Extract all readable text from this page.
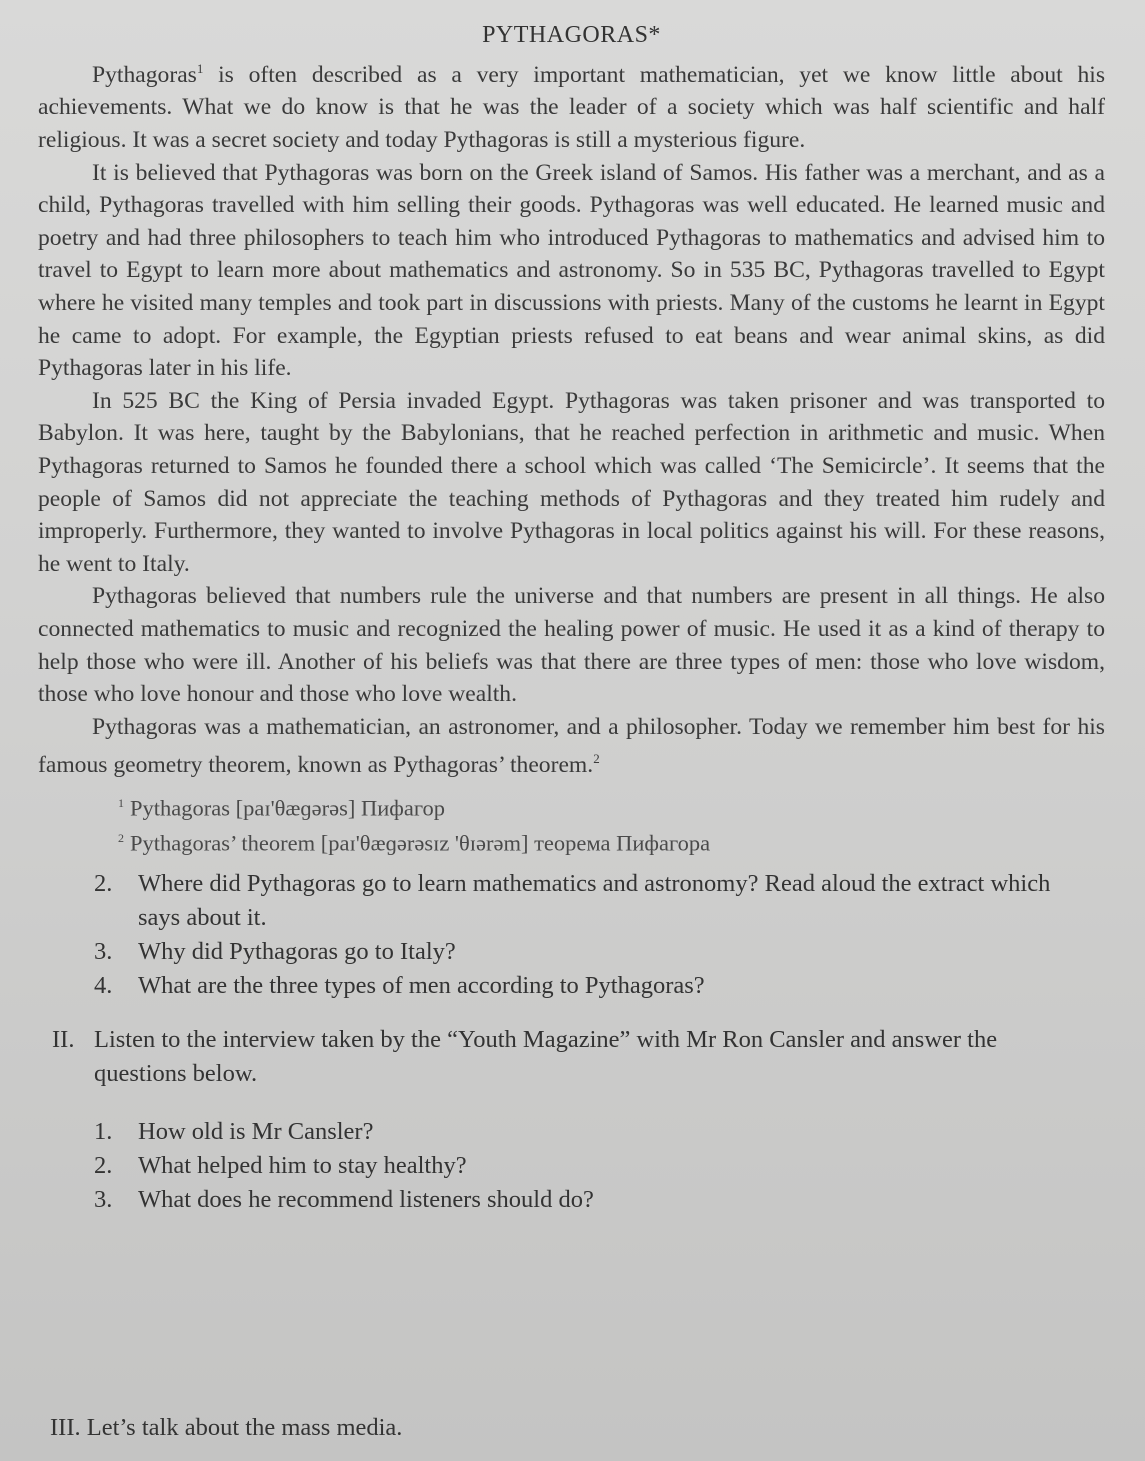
PYTHAGORAS*

Pythagoras$^1$ is often described as a very important mathematician, yet we know little about his achievements. What we do know is that he was the leader of a society which was half scientific and half religious. It was a secret society and today Pythagoras is still a mysterious figure.

It is believed that Pythagoras was born on the Greek island of Samos. His father was a merchant, and as a child, Pythagoras travelled with him selling their goods. Pythagoras was well educated. He learned music and poetry and had three philosophers to teach him who introduced Pythagoras to mathematics and advised him to travel to Egypt to learn more about mathematics and astronomy. So in 535 BC, Pythagoras travelled to Egypt where he visited many temples and took part in discussions with priests. Many of the customs he learnt in Egypt he came to adopt. For example, the Egyptian priests refused to eat beans and wear animal skins, as did Pythagoras later in his life.

In 525 BC the King of Persia invaded Egypt. Pythagoras was taken prisoner and was transported to Babylon. It was here, taught by the Babylonians, that he reached perfection in arithmetic and music. When Pythagoras returned to Samos he founded there a school which was called ‘The Semicircle’. It seems that the people of Samos did not appreciate the teaching methods of Pythagoras and they treated him rudely and improperly. Furthermore, they wanted to involve Pythagoras in local politics against his will. For these reasons, he went to Italy.

Pythagoras believed that numbers rule the universe and that numbers are present in all things. He also connected mathematics to music and recognized the healing power of music. He used it as a kind of therapy to help those who were ill. Another of his beliefs was that there are three types of men: those who love wisdom, those who love honour and those who love wealth.

Pythagoras was a mathematician, an astronomer, and a philosopher. Today we remember him best for his famous geometry theorem, known as Pythagoras’ theorem.$^2$

$^1$ Pythagoras [paɪ'θæɡərəs] Пифагор
$^2$ Pythagoras’ theorem [paɪ'θæɡərəsɪz 'θɪərəm] теорема Пифагора
2.	Where did Pythagoras go to learn mathematics and astronomy? Read aloud the extract which says about it.
3.	Why did Pythagoras go to Italy?
4.	What are the three types of men according to Pythagoras?
II. Listen to the interview taken by the “Youth Magazine” with Mr Ron Cansler and answer the questions below.
1.	How old is Mr Cansler?
2.	What helped him to stay healthy?
3.	What does he recommend listeners should do?
III. Let’s talk about the mass media.
